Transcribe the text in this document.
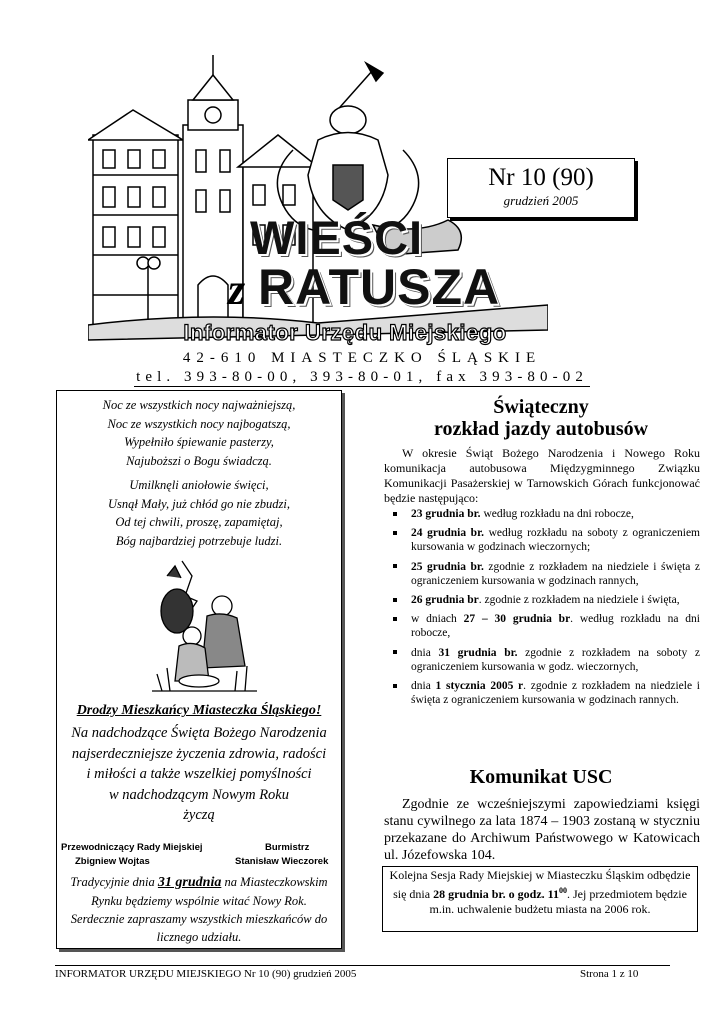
Nr 10 (90)
grudzień 2005
WIEŚCI
z RATUSZA
Informator Urzędu Miejskiego
42-610 MIASTECZKO ŚLĄSKIE
tel. 393-80-00, 393-80-01, fax 393-80-02
Noc ze wszystkich nocy najważniejszą,
Noc ze wszystkich nocy najbogatszą,
Wypełniło śpiewanie pasterzy,
Najuboższi o Bogu świadczą.
Umilknęli aniołowie święci,
Usnął Mały, już chłód go nie zbudzi,
Od tej chwili, proszę, zapamiętaj,
Bóg najbardziej potrzebuje ludzi.
Drodzy Mieszkańcy Miasteczka Śląskiego!
Na nadchodzące Święta Bożego Narodzenia
najserdeczniejsze życzenia zdrowia, radości
i miłości a także wszelkiej pomyślności
w nadchodzącym Nowym Roku
życzą
Przewodniczący Rady Miejskiej
Zbigniew Wojtas
Burmistrz
Stanisław Wieczorek
Tradycyjnie dnia 31 grudnia na Miasteczkowskim
Rynku będziemy wspólnie witać Nowy Rok.
Serdecznie zapraszamy wszystkich mieszkańców do
licznego udziału.
Świąteczny
rozkład jazdy autobusów
W okresie Świąt Bożego Narodzenia i Nowego Roku komunikacja autobusowa Międzygminnego Związku Komunikacji Pasażerskiej w Tarnowskich Górach funkcjonować będzie następująco:
23 grudnia br. według rozkładu na dni robocze,
24 grudnia br. według rozkładu na soboty z ograniczeniem kursowania w godzinach wieczornych;
25 grudnia br. zgodnie z rozkładem na niedziele i święta z ograniczeniem kursowania w godzinach rannych,
26 grudnia br. zgodnie z rozkładem na niedziele i święta,
w dniach 27 – 30 grudnia br. według rozkładu na dni robocze,
dnia 31 grudnia br. zgodnie z rozkładem na soboty z ograniczeniem kursowania w godz. wieczornych,
dnia 1 stycznia 2005 r. zgodnie z rozkładem na niedziele i święta z ograniczeniem kursowania w godzinach rannych.
Komunikat USC
Zgodnie ze wcześniejszymi zapowiedziami księgi stanu cywilnego za lata 1874 – 1903 zostaną w styczniu przekazane do Archiwum Państwowego w Katowicach ul. Józefowska 104.
Kolejna Sesja Rady Miejskiej w Miasteczku Śląskim odbędzie się dnia 28 grudnia br. o godz. $11^{00}$. Jej przedmiotem będzie m.in. uchwalenie budżetu miasta na 2006 rok.
INFORMATOR URZĘDU MIEJSKIEGO Nr 10 (90) grudzień 2005	Strona 1 z 10
